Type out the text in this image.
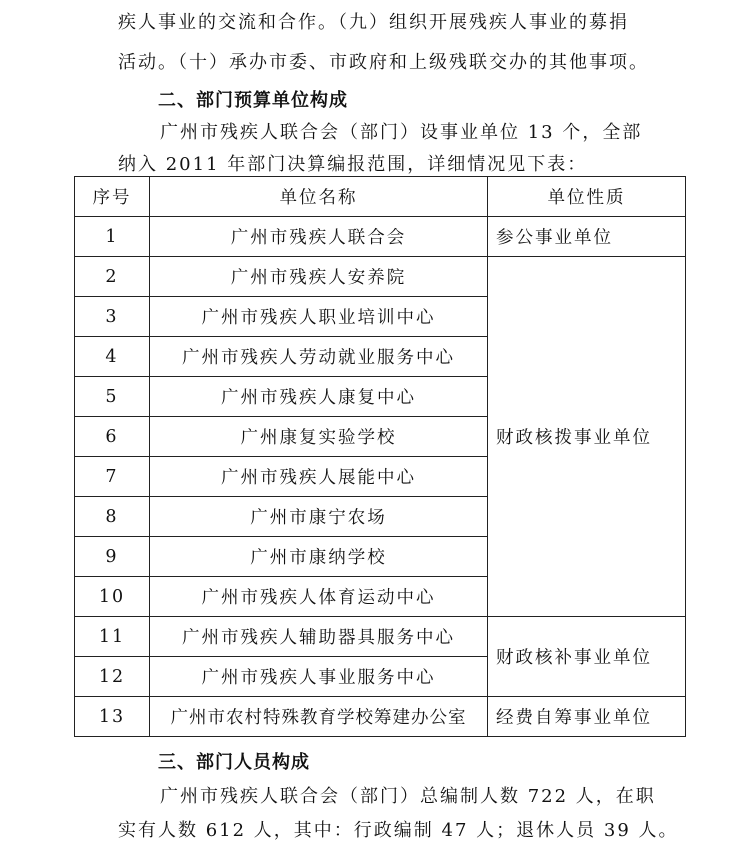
疾人事业的交流和合作。（九）组织开展残疾人事业的募捐
活动。（十）承办市委、市政府和上级残联交办的其他事项。
二、部门预算单位构成
广州市残疾人联合会（部门）设事业单位 13 个，全部
纳入 2011 年部门决算编报范围，详细情况见下表：
序号	单位名称	单位性质
1	广州市残疾人联合会	参公事业单位
2	广州市残疾人安养院	财政核拨事业单位
3	广州市残疾人职业培训中心	
4	广州市残疾人劳动就业服务中心	
5	广州市残疾人康复中心	
6	广州康复实验学校	
7	广州市残疾人展能中心	
8	广州市康宁农场	
9	广州市康纳学校	
10	广州市残疾人体育运动中心	
11	广州市残疾人辅助器具服务中心	财政核补事业单位
12	广州市残疾人事业服务中心	
13	广州市农村特殊教育学校筹建办公室	经费自筹事业单位
三、部门人员构成
广州市残疾人联合会（部门）总编制人数 722 人，在职
实有人数 612 人，其中：行政编制 47 人；退休人员 39 人。
